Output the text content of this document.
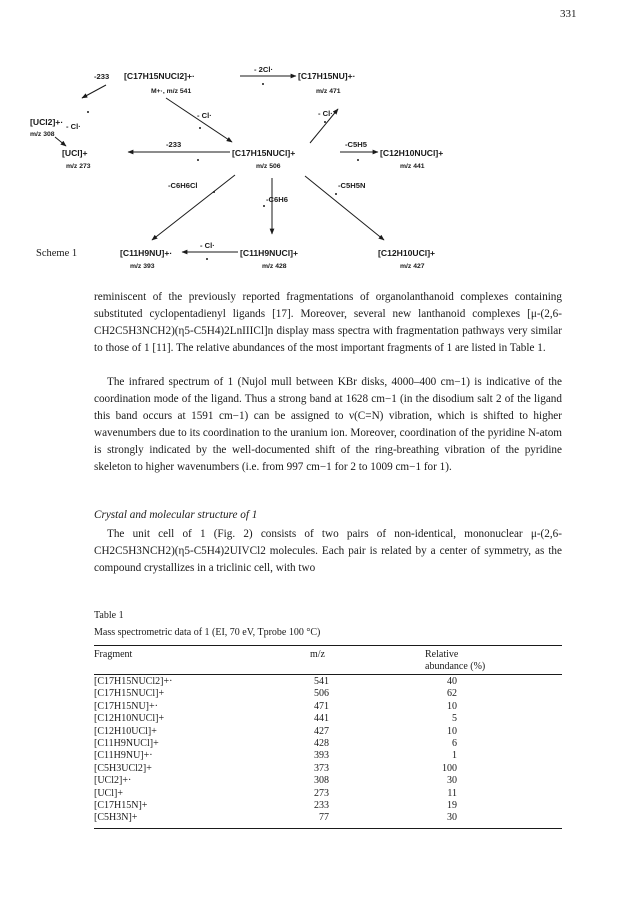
331
[C17H15NUCl2]+·
M+·, m/z 541
[C17H15NU]+·
m/z 471
[UCl2]+·
m/z 308
[UCl]+
m/z 273
[C17H15NUCl]+
m/z 506
[C12H10NUCl]+
m/z 441
[C11H9NU]+·
m/z 393
[C11H9NUCl]+
m/z 428
[C12H10UCl]+
m/z 427
-233
- 2Cl·
- Cl·
- Cl·	- Cl·
-233	-C5H5
-C6H6Cl
-C6H6
-C5H5N
- Cl·
Scheme 1

reminiscent of the previously reported fragmentations of organolanthanoid complexes containing substituted cyclopentadienyl ligands [17]. Moreover, several new lanthanoid complexes [μ-(2,6-CH2C5H3NCH2)(η5-C5H4)2LnIIICl]n display mass spectra with fragmentation pathways very similar to those of 1 [11]. The relative abundances of the most important fragments of 1 are listed in Table 1.

The infrared spectrum of 1 (Nujol mull between KBr disks, 4000–400 cm−1) is indicative of the coordination mode of the ligand. Thus a strong band at 1628 cm−1 (in the disodium salt 2 of the ligand this band occurs at 1591 cm−1) can be assigned to ν(C=N) vibration, which is shifted to higher wavenumbers due to its coordination to the uranium ion. Moreover, coordination of the pyridine N-atom is strongly indicated by the well-documented shift of the ring-breathing vibration of the pyridine skeleton to higher wavenumbers (i.e. from 997 cm−1 for 2 to 1009 cm−1 for 1).

Crystal and molecular structure of 1

The unit cell of 1 (Fig. 2) consists of two pairs of non-identical, mononuclear μ-(2,6-CH2C5H3NCH2)(η5-C5H4)2UIVCl2 molecules. Each pair is related by a center of symmetry, as the compound crystallizes in a triclinic cell, with two

Table 1

Mass spectrometric data of 1 (EI, 70 eV, Tprobe 100 °C)

Fragment	m/z	Relative

abundance (%)

[C17H15NUCl2]+·	541	40
[C17H15NUCl]+	506	62
[C17H15NU]+·	471	10
[C12H10NUCl]+	441	5
[C12H10UCl]+	427	10
[C11H9NUCl]+	428	6
[C11H9NU]+·	393	1
[C5H3UCl2]+	373	100
[UCl2]+·	308	30
[UCl]+	273	11
[C17H15N]+	233	19
[C5H3N]+	77	30
